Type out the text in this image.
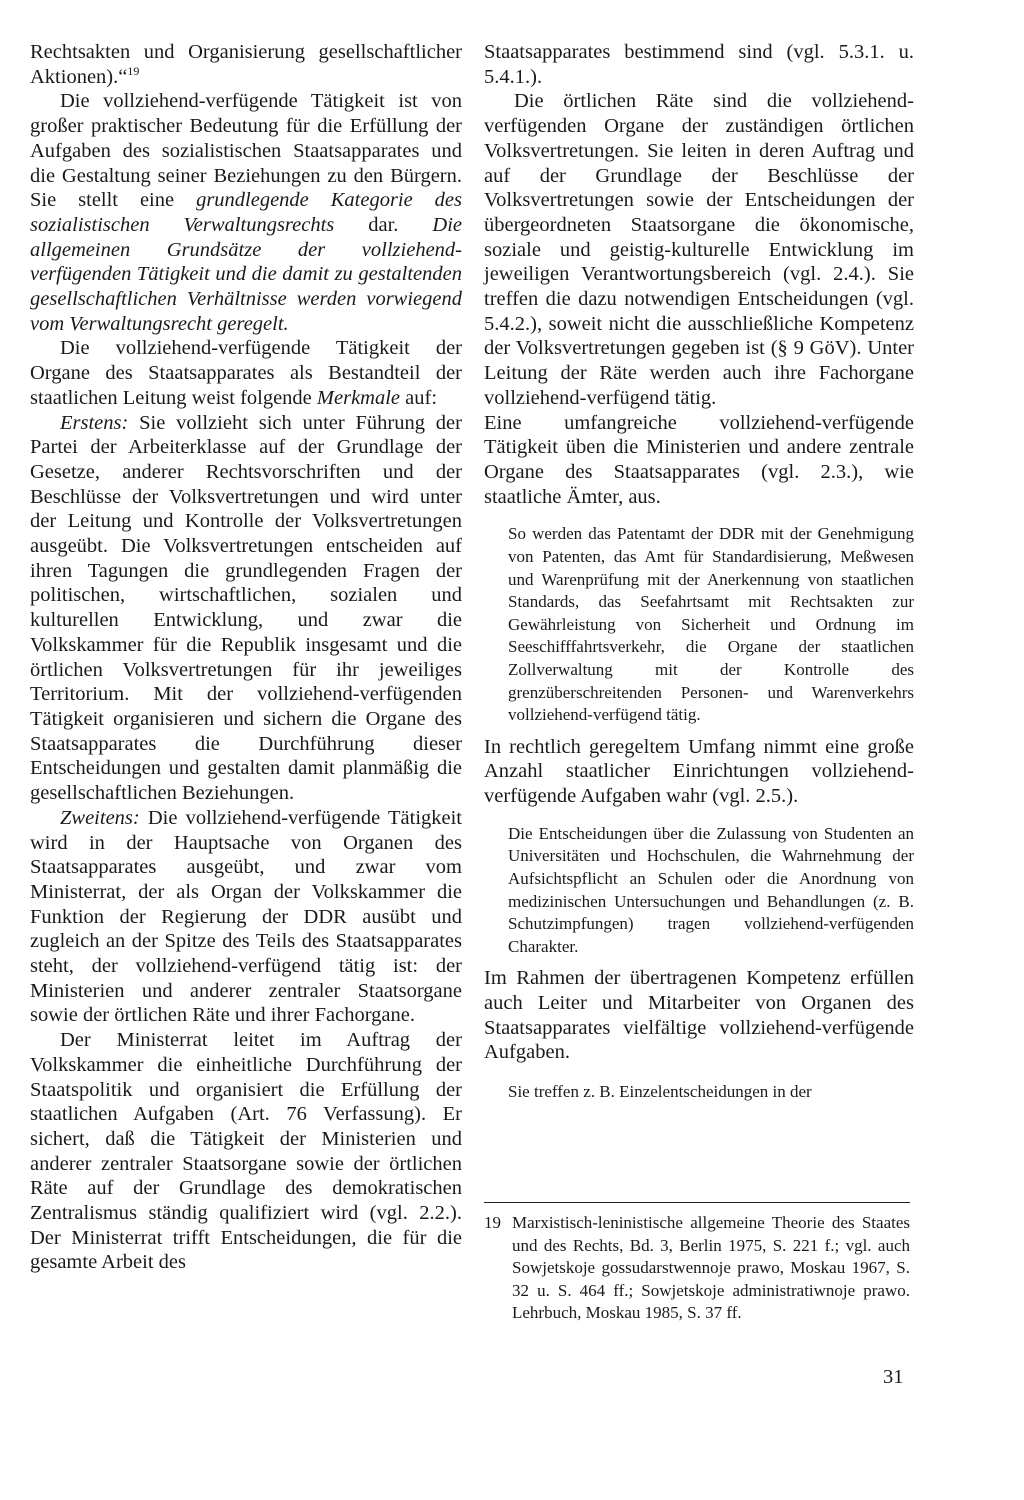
Rechtsakten und Organisierung gesellschaftlicher Aktionen).“$^{19}$

Die vollziehend-verfügende Tätigkeit ist von großer praktischer Bedeutung für die Erfüllung der Aufgaben des sozialistischen Staatsapparates und die Gestaltung seiner Beziehungen zu den Bürgern. Sie stellt eine grundlegende Kategorie des sozialistischen Verwaltungsrechts dar. Die allgemeinen Grundsätze der vollziehend-verfügenden Tätigkeit und die damit zu gestaltenden gesellschaftlichen Verhältnisse werden vorwiegend vom Verwaltungsrecht geregelt.

Die vollziehend-verfügende Tätigkeit der Organe des Staatsapparates als Bestandteil der staatlichen Leitung weist folgende Merkmale auf:

Erstens: Sie vollzieht sich unter Führung der Partei der Arbeiterklasse auf der Grundlage der Gesetze, anderer Rechtsvorschriften und der Beschlüsse der Volksvertretungen und wird unter der Leitung und Kontrolle der Volksvertretungen ausgeübt. Die Volksvertretungen entscheiden auf ihren Tagungen die grundlegenden Fragen der politischen, wirtschaftlichen, sozialen und kulturellen Entwicklung, und zwar die Volkskammer für die Republik insgesamt und die örtlichen Volksvertretungen für ihr jeweiliges Territorium. Mit der vollziehend-verfügenden Tätigkeit organisieren und sichern die Organe des Staatsapparates die Durchführung dieser Entscheidungen und gestalten damit planmäßig die gesellschaftlichen Beziehungen.

Zweitens: Die vollziehend-verfügende Tätigkeit wird in der Hauptsache von Organen des Staatsapparates ausgeübt, und zwar vom Ministerrat, der als Organ der Volkskammer die Funktion der Regierung der DDR ausübt und zugleich an der Spitze des Teils des Staatsapparates steht, der vollziehend-verfügend tätig ist: der Ministerien und anderer zentraler Staatsorgane sowie der örtlichen Räte und ihrer Fachorgane.

Der Ministerrat leitet im Auftrag der Volkskammer die einheitliche Durchführung der Staatspolitik und organisiert die Erfüllung der staatlichen Aufgaben (Art. 76 Verfassung). Er sichert, daß die Tätigkeit der Ministerien und anderer zentraler Staatsorgane sowie der örtlichen Räte auf der Grundlage des demokratischen Zentralismus ständig qualifiziert wird (vgl. 2.2.). Der Ministerrat trifft Entscheidungen, die für die gesamte Arbeit des

Staatsapparates bestimmend sind (vgl. 5.3.1. u. 5.4.1.).

Die örtlichen Räte sind die vollziehend-verfügenden Organe der zuständigen örtlichen Volksvertretungen. Sie leiten in deren Auftrag und auf der Grundlage der Beschlüsse der Volksvertretungen sowie der Entscheidungen der übergeordneten Staatsorgane die ökonomische, soziale und geistig-kulturelle Entwicklung im jeweiligen Verantwortungsbereich (vgl. 2.4.). Sie treffen die dazu notwendigen Entscheidungen (vgl. 5.4.2.), soweit nicht die ausschließliche Kompetenz der Volksvertretungen gegeben ist (§ 9 GöV). Unter Leitung der Räte werden auch ihre Fachorgane vollziehend-verfügend tätig.

Eine umfangreiche vollziehend-verfügende Tätigkeit üben die Ministerien und andere zentrale Organe des Staatsapparates (vgl. 2.3.), wie staatliche Ämter, aus.

So werden das Patentamt der DDR mit der Genehmigung von Patenten, das Amt für Standardisierung, Meßwesen und Warenprüfung mit der Anerkennung von staatlichen Standards, das Seefahrtsamt mit Rechtsakten zur Gewährleistung von Sicherheit und Ordnung im Seeschifffahrtsverkehr, die Organe der staatlichen Zollverwaltung mit der Kontrolle des grenzüberschreitenden Personen- und Warenverkehrs vollziehend-verfügend tätig.

In rechtlich geregeltem Umfang nimmt eine große Anzahl staatlicher Einrichtungen vollziehend-verfügende Aufgaben wahr (vgl. 2.5.).

Die Entscheidungen über die Zulassung von Studenten an Universitäten und Hochschulen, die Wahrnehmung der Aufsichtspflicht an Schulen oder die Anordnung von medizinischen Untersuchungen und Behandlungen (z. B. Schutzimpfungen) tragen vollziehend-verfügenden Charakter.

Im Rahmen der übertragenen Kompetenz erfüllen auch Leiter und Mitarbeiter von Organen des Staatsapparates vielfältige vollziehend-verfügende Aufgaben.

Sie treffen z. B. Einzelentscheidungen in der

19 Marxistisch-leninistische allgemeine Theorie des Staates und des Rechts, Bd. 3, Berlin 1975, S. 221 f.; vgl. auch Sowjetskoje gossudarstwennoje prawo, Moskau 1967, S. 32 u. S. 464 ff.; Sowjetskoje administratiwnoje prawo. Lehrbuch, Moskau 1985, S. 37 ff.
31
